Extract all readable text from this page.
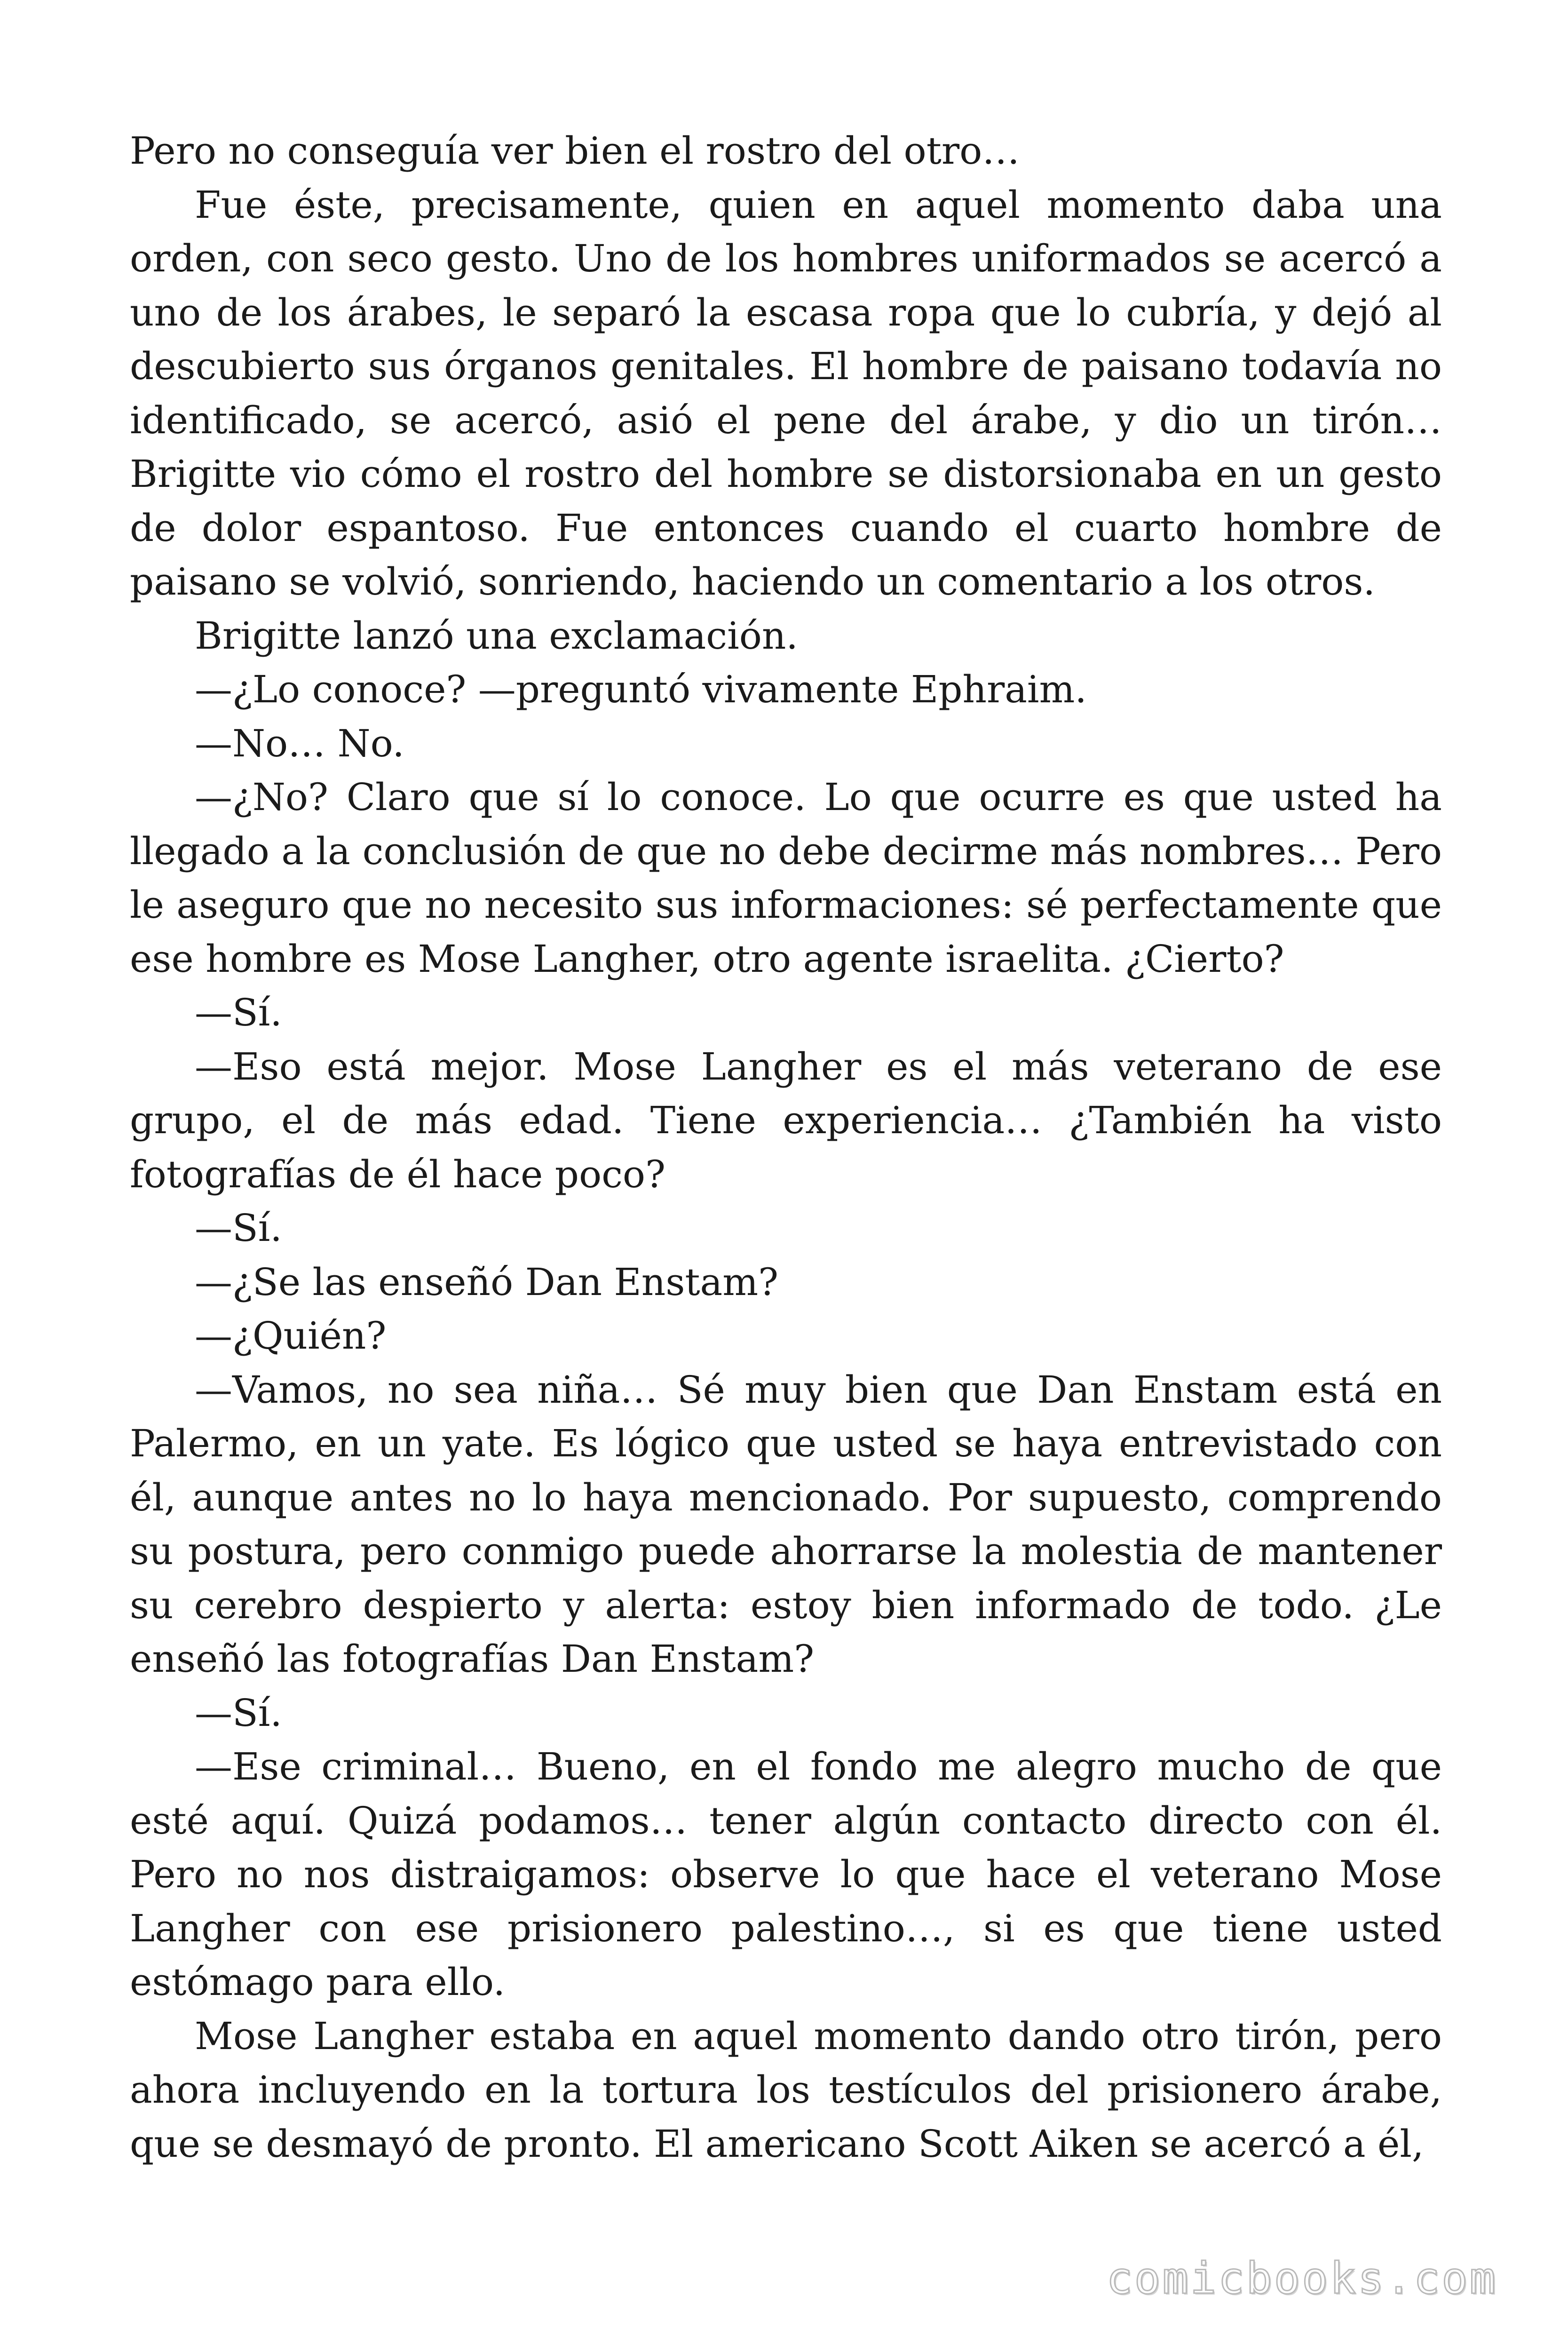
Pero no conseguía ver bien el rostro del otro…

Fue éste, precisamente, quien en aquel momento daba una orden, con seco gesto. Uno de los hombres uniformados se acercó a uno de los árabes, le separó la escasa ropa que lo cubría, y dejó al descubierto sus órganos genitales. El hombre de paisano todavía no identificado, se acercó, asió el pene del árabe, y dio un tirón… Brigitte vio cómo el rostro del hombre se distorsionaba en un gesto de dolor espantoso. Fue entonces cuando el cuarto hombre de paisano se volvió, sonriendo, haciendo un comentario a los otros.

Brigitte lanzó una exclamación.

—¿Lo conoce? —preguntó vivamente Ephraim.

—No… No.

—¿No? Claro que sí lo conoce. Lo que ocurre es que usted ha llegado a la conclusión de que no debe decirme más nombres… Pero le aseguro que no necesito sus informaciones: sé perfectamente que ese hombre es Mose Langher, otro agente israelita. ¿Cierto?

—Sí.

—Eso está mejor. Mose Langher es el más veterano de ese grupo, el de más edad. Tiene experiencia… ¿También ha visto fotografías de él hace poco?

—Sí.

—¿Se las enseñó Dan Enstam?

—¿Quién?

—Vamos, no sea niña… Sé muy bien que Dan Enstam está en Palermo, en un yate. Es lógico que usted se haya entrevistado con él, aunque antes no lo haya mencionado. Por supuesto, comprendo su postura, pero conmigo puede ahorrarse la molestia de mantener su cerebro despierto y alerta: estoy bien informado de todo. ¿Le enseñó las fotografías Dan Enstam?

—Sí.

—Ese criminal… Bueno, en el fondo me alegro mucho de que esté aquí. Quizá podamos… tener algún contacto directo con él. Pero no nos distraigamos: observe lo que hace el veterano Mose Langher con ese prisionero palestino…, si es que tiene usted estómago para ello.

Mose Langher estaba en aquel momento dando otro tirón, pero ahora incluyendo en la tortura los testículos del prisionero árabe, que se desmayó de pronto. El americano Scott Aiken se acercó a él,

comicbooks.com
